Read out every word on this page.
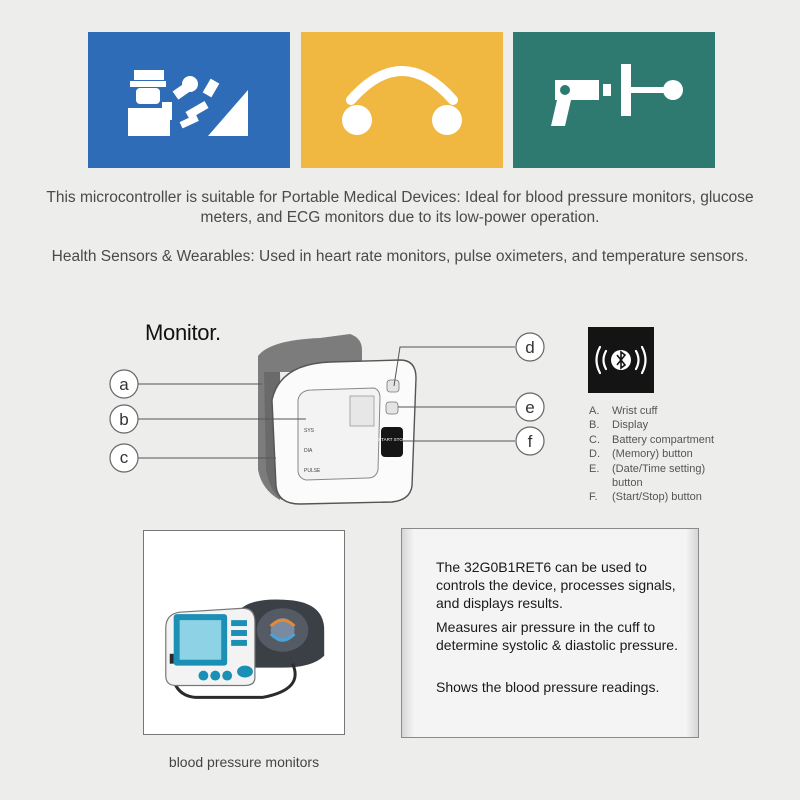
This microcontroller is suitable for Portable Medical Devices: Ideal for blood pressure monitors, glucose meters, and ECG monitors due to its low-power operation.
Health Sensors & Wearables: Used in heart rate monitors, pulse oximeters, and temperature sensors.
Monitor.
SYS
DIA
PULSE
START STOP
a
b
c
d
e
f
A.	Wrist cuff
B.	Display
C.	Battery compartment
D.	(Memory) button
E.	(Date/Time setting) button
F.	(Start/Stop) button
blood pressure monitors
The 32G0B1RET6 can be used to controls the device, processes signals, and displays results.
Measures air pressure in the cuff to determine systolic & diastolic pressure.
Shows the blood pressure readings.
